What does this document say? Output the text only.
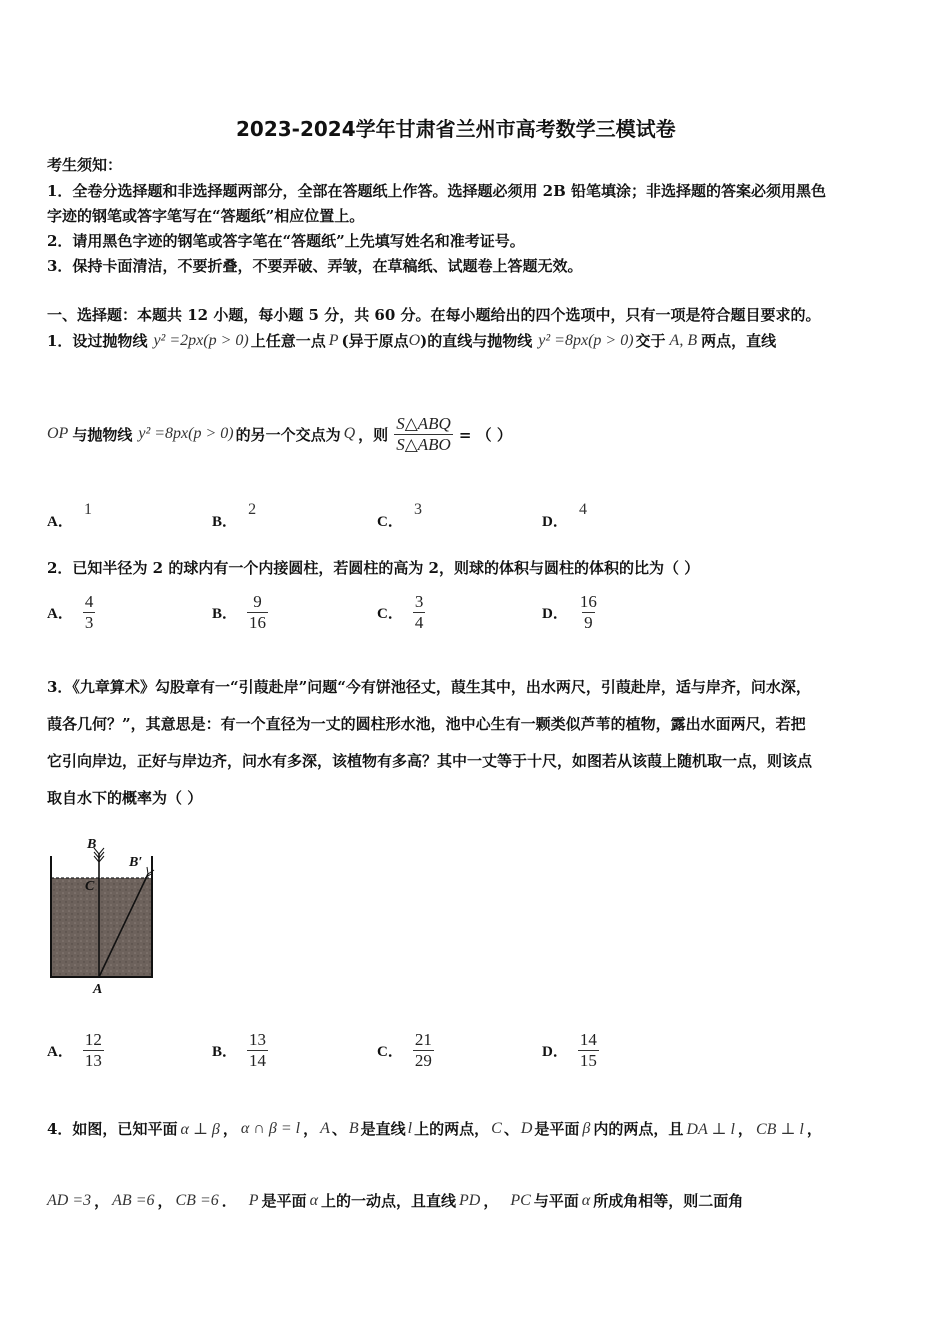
2023-2024学年甘肃省兰州市高考数学三模试卷
考生须知：
1．全卷分选择题和非选择题两部分，全部在答题纸上作答。选择题必须用 2B 铅笔填涂；非选择题的答案必须用黑色
字迹的钢笔或答字笔写在“答题纸”相应位置上。
2．请用黑色字迹的钢笔或答字笔在“答题纸”上先填写姓名和准考证号。
3．保持卡面清洁，不要折叠，不要弄破、弄皱，在草稿纸、试题卷上答题无效。
一、选择题：本题共 12 小题，每小题 5 分，共 60 分。在每小题给出的四个选项中，只有一项是符合题目要求的。
1．设过抛物线 y² =2px(p > 0) 上任意一点 P (异于原点 O )的直线与抛物线 y² =8px(p > 0) 交于 A, B 两点，直线
OP 与抛物线 y² =8px(p > 0) 的另一个交点为 Q ，则 $\frac{\text{S△ABQ}}{\text{S△ABO}}$ = （ ）
A． 1
B． 2
C． 3
D． 4
2．已知半径为 2 的球内有一个内接圆柱，若圆柱的高为 2，则球的体积与圆柱的体积的比为（ ）
A． $\frac{4}{3}$	B． $\frac{9}{16}$	C． $\frac{3}{4}$	D． $\frac{16}{9}$
3．《九章算术》勾股章有一“引葭赴岸”问题“今有饼池径丈，葭生其中，出水两尺，引葭赴岸，适与岸齐，问水深，
葭各几何？”，其意思是：有一个直径为一丈的圆柱形水池，池中心生有一颗类似芦苇的植物，露出水面两尺，若把
它引向岸边，正好与岸边齐，问水有多深，该植物有多高？其中一丈等于十尺，如图若从该葭上随机取一点，则该点
取自水下的概率为（ ）
B
B′
C
A
A． $\frac{12}{13}$	B． $\frac{13}{14}$	C． $\frac{21}{29}$	D． $\frac{14}{15}$
4．如图，已知平面 α ⊥ β ， α ∩ β = l ， A 、 B 是直线 l 上的两点， C 、 D 是平面 β 内的两点，且 DA ⊥ l ， CB ⊥ l ，
AD =3 ， AB =6 ， CB =6 ． P 是平面 α 上的一动点，且直线 PD ， PC 与平面 α 所成角相等，则二面角
